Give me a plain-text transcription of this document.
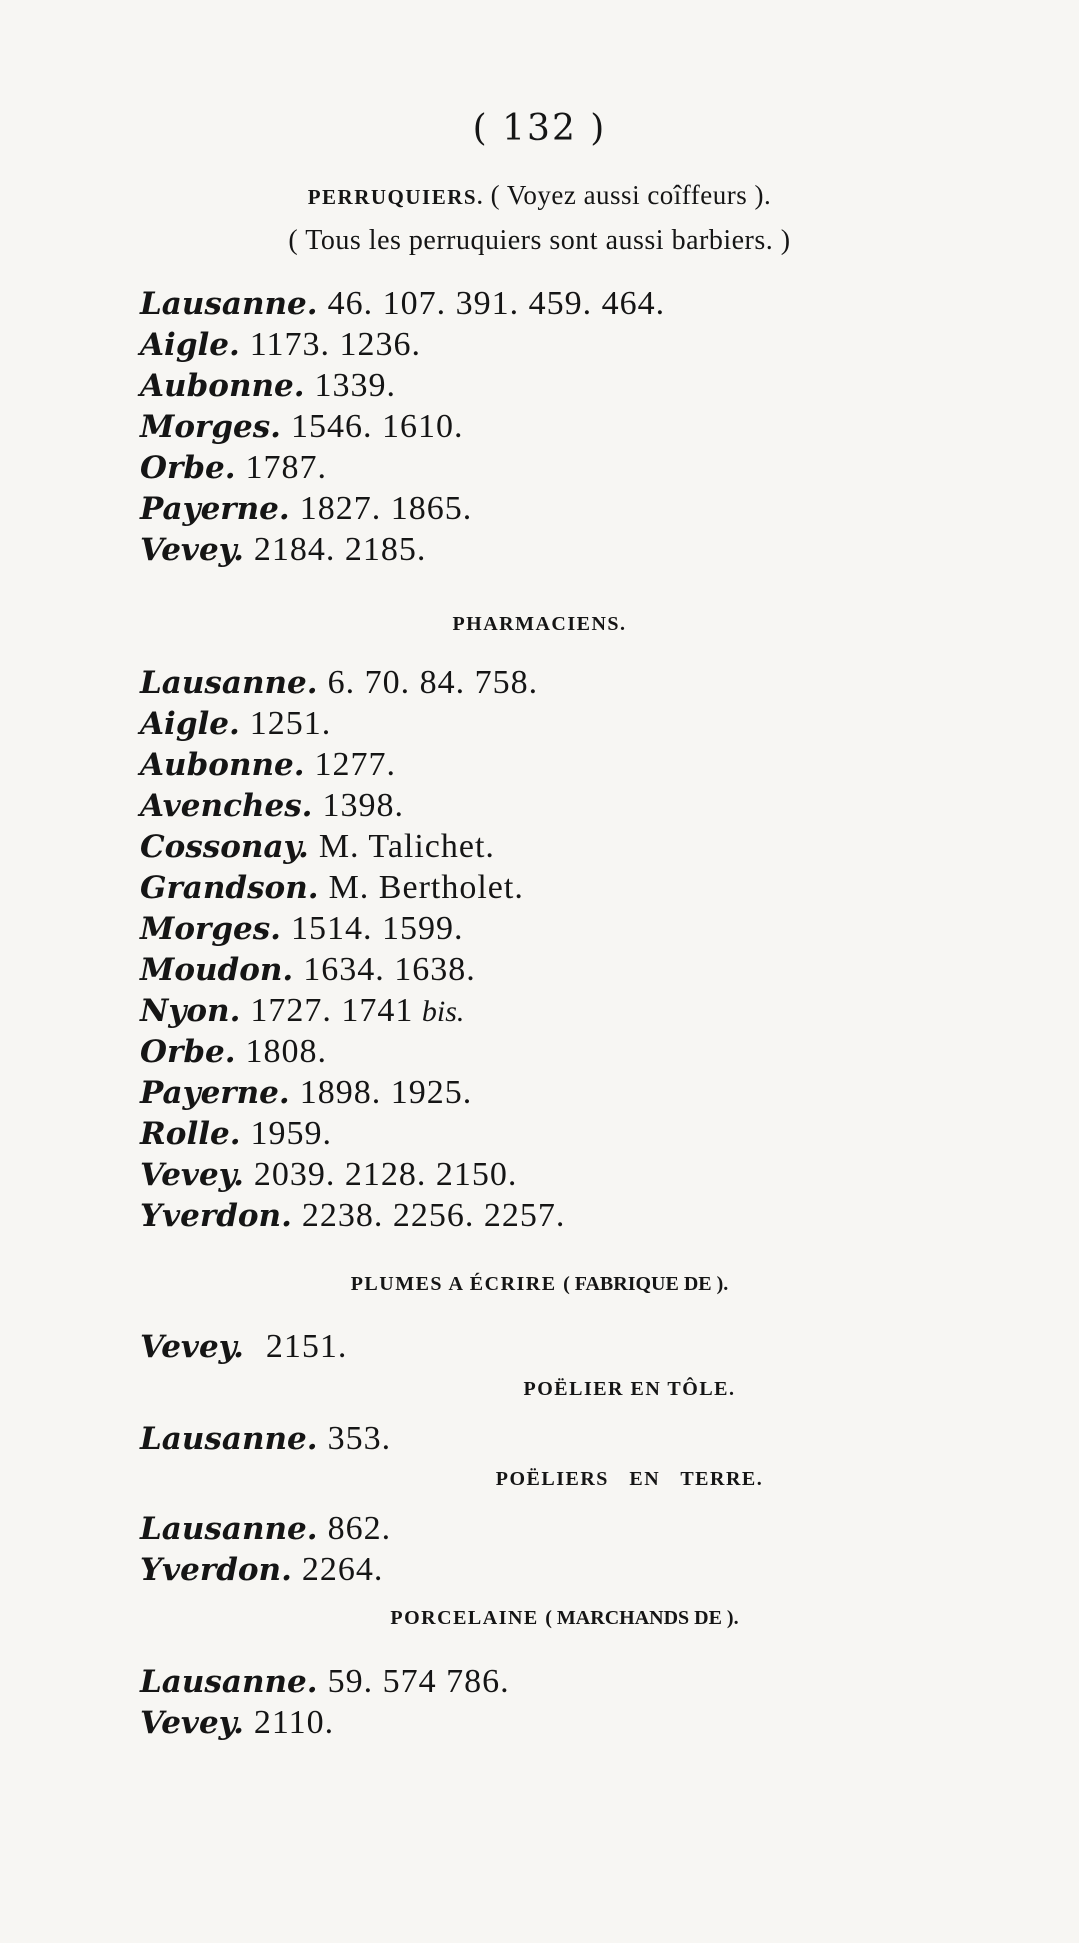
( 132 )
PERRUQUIERS. ( Voyez aussi coîffeurs ).
( Tous les perruquiers sont aussi barbiers. )
Lausanne. 46. 107. 391. 459. 464.
Aigle. 1173. 1236.
Aubonne. 1339.
Morges. 1546. 1610.
Orbe. 1787.
Payerne. 1827. 1865.
Vevey. 2184. 2185.
PHARMACIENS.
Lausanne. 6. 70. 84. 758.
Aigle. 1251.
Aubonne. 1277.
Avenches. 1398.
Cossonay. M. Talichet.
Grandson. M. Bertholet.
Morges. 1514. 1599.
Moudon. 1634. 1638.
Nyon. 1727. 1741 bis.
Orbe. 1808.
Payerne. 1898. 1925.
Rolle. 1959.
Vevey. 2039. 2128. 2150.
Yverdon. 2238. 2256. 2257.
PLUMES A ÉCRIRE ( FABRIQUE DE ).
Vevey. 2151.
POËLIER EN TÔLE.
Lausanne. 353.
POËLIERS EN TERRE.
Lausanne. 862.
Yverdon. 2264.
PORCELAINE ( MARCHANDS DE ).
Lausanne. 59. 574 786.
Vevey. 2110.
